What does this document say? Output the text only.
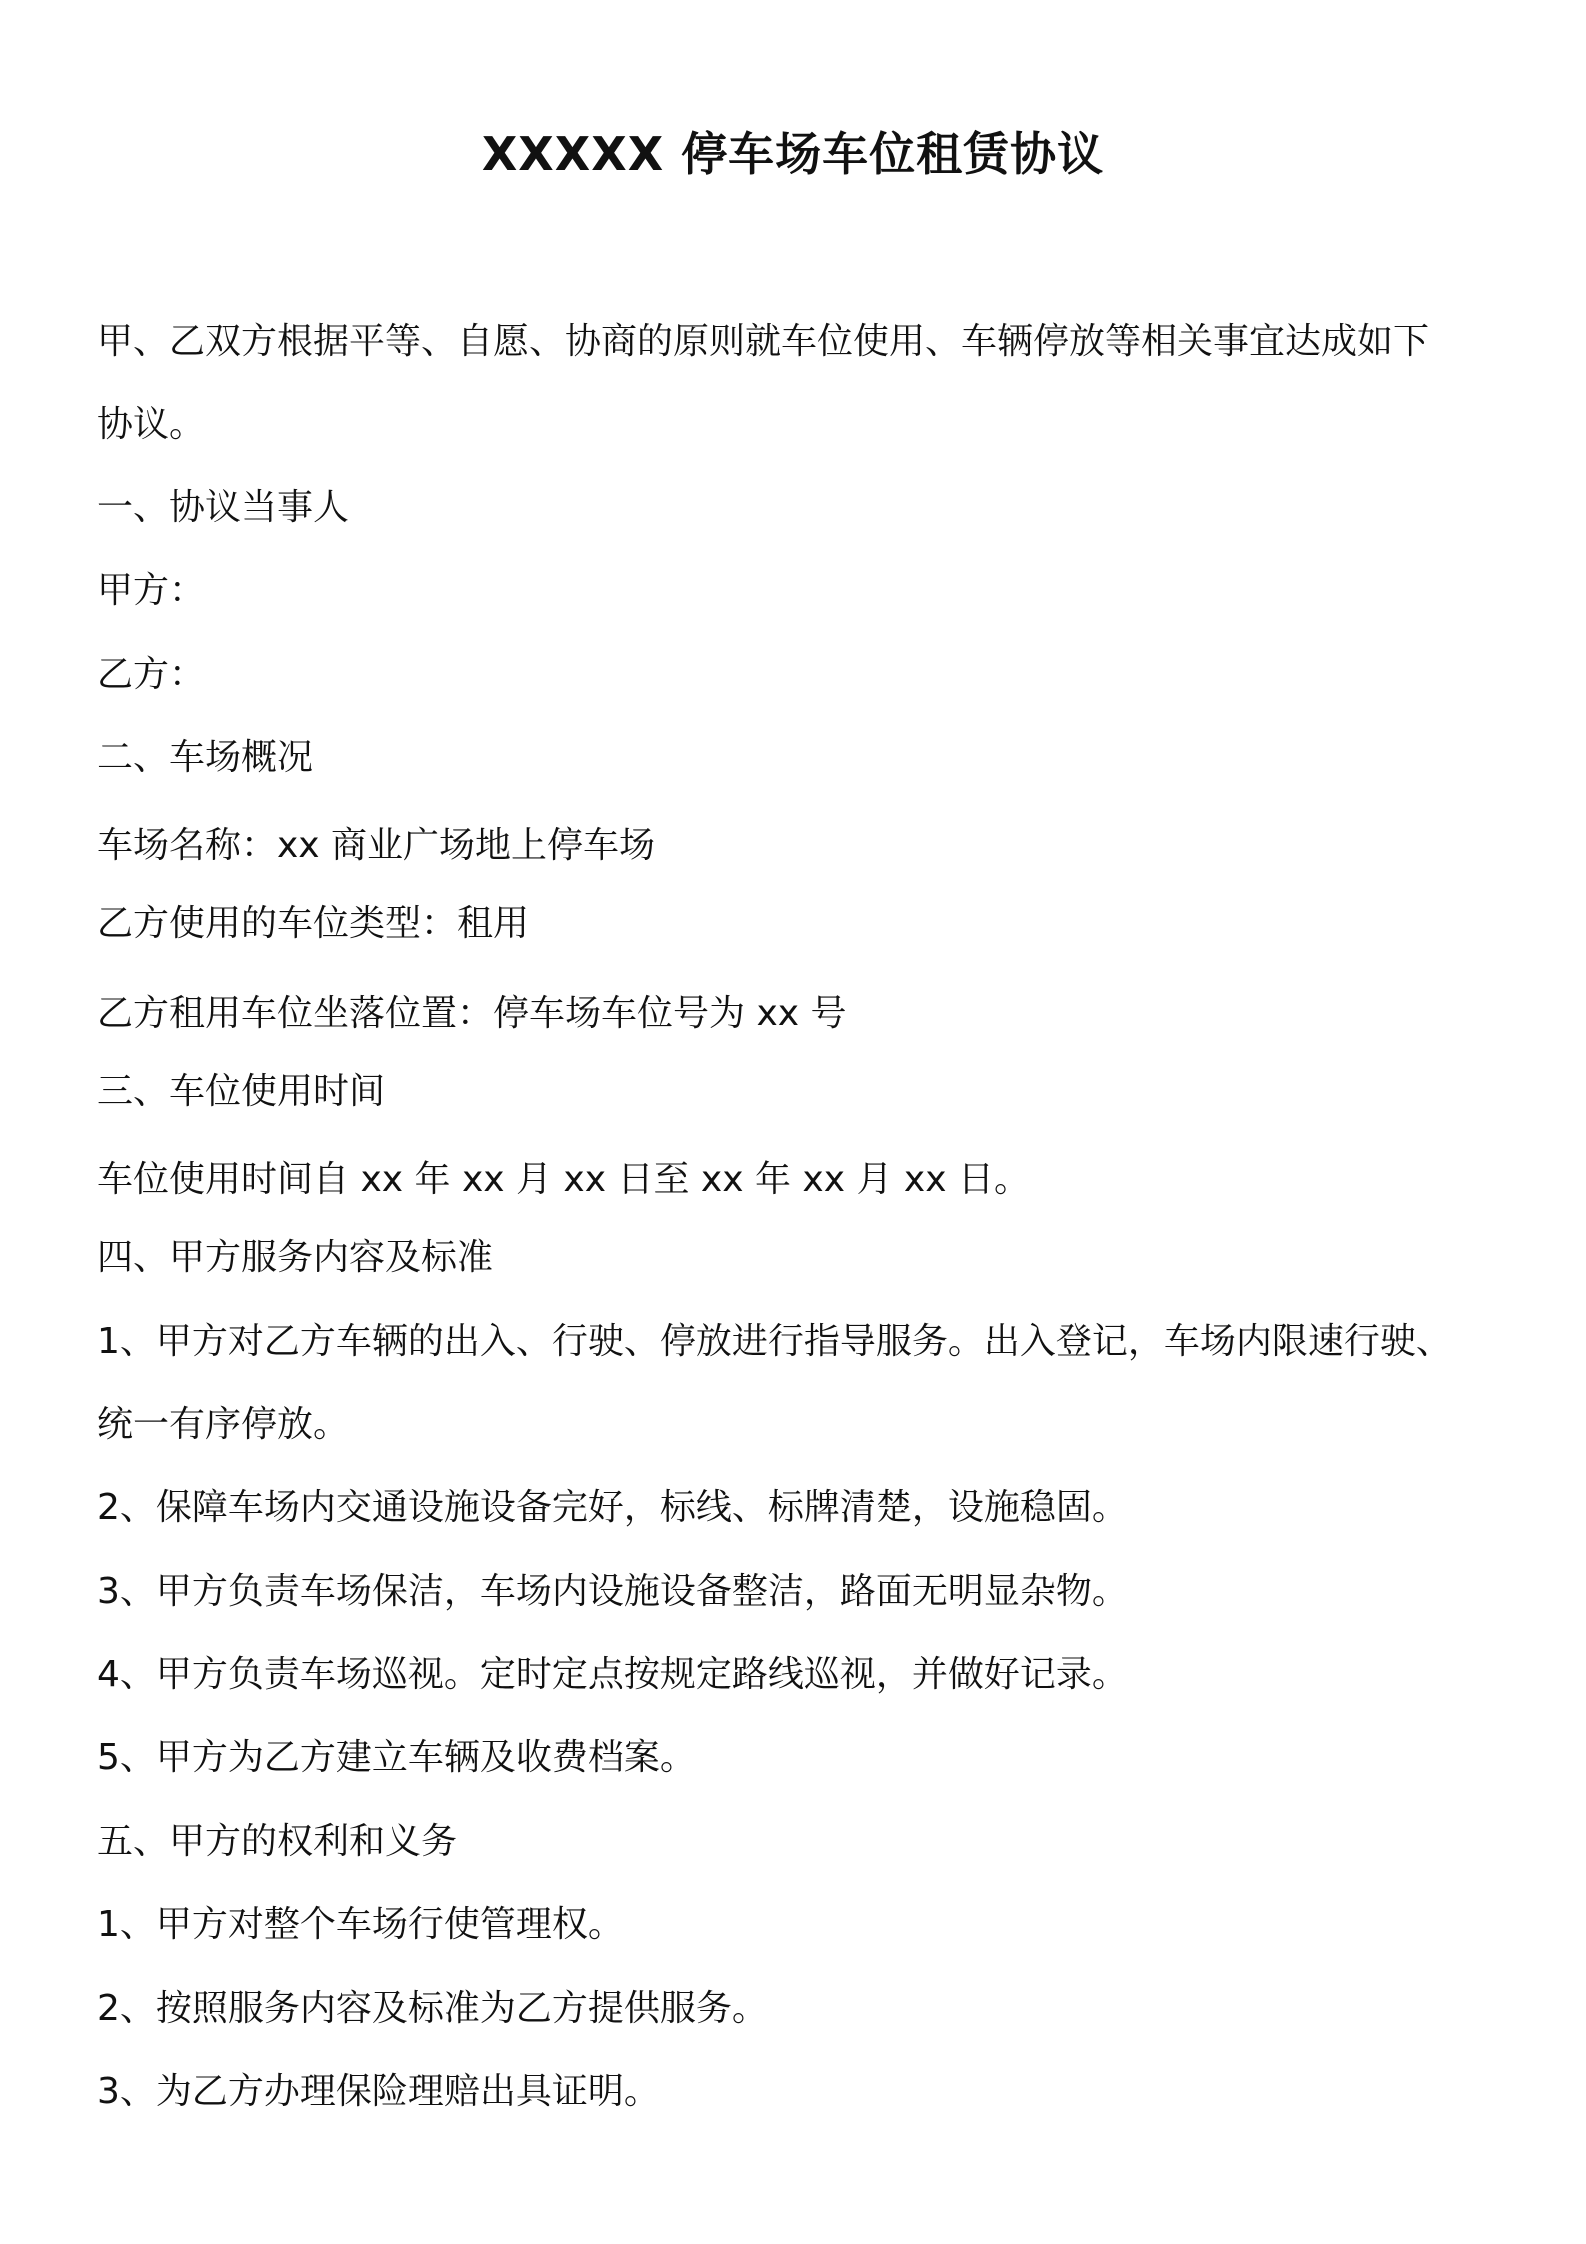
XXXXX 停车场车位租赁协议

甲、乙双方根据平等、自愿、协商的原则就车位使用、车辆停放等相关事宜达成如下

协议。

一、协议当事人

甲方：

乙方：

二、车场概况

车场名称：xx 商业广场地上停车场

乙方使用的车位类型：租用

乙方租用车位坐落位置：停车场车位号为 xx 号

三、车位使用时间

车位使用时间自 xx 年 xx 月 xx 日至 xx 年 xx 月 xx 日。

四、甲方服务内容及标准

1、甲方对乙方车辆的出入、行驶、停放进行指导服务。出入登记，车场内限速行驶、

统一有序停放。

2、保障车场内交通设施设备完好，标线、标牌清楚，设施稳固。

3、甲方负责车场保洁，车场内设施设备整洁，路面无明显杂物。

4、甲方负责车场巡视。定时定点按规定路线巡视，并做好记录。

5、甲方为乙方建立车辆及收费档案。

五、甲方的权利和义务

1、甲方对整个车场行使管理权。

2、按照服务内容及标准为乙方提供服务。

3、为乙方办理保险理赔出具证明。
